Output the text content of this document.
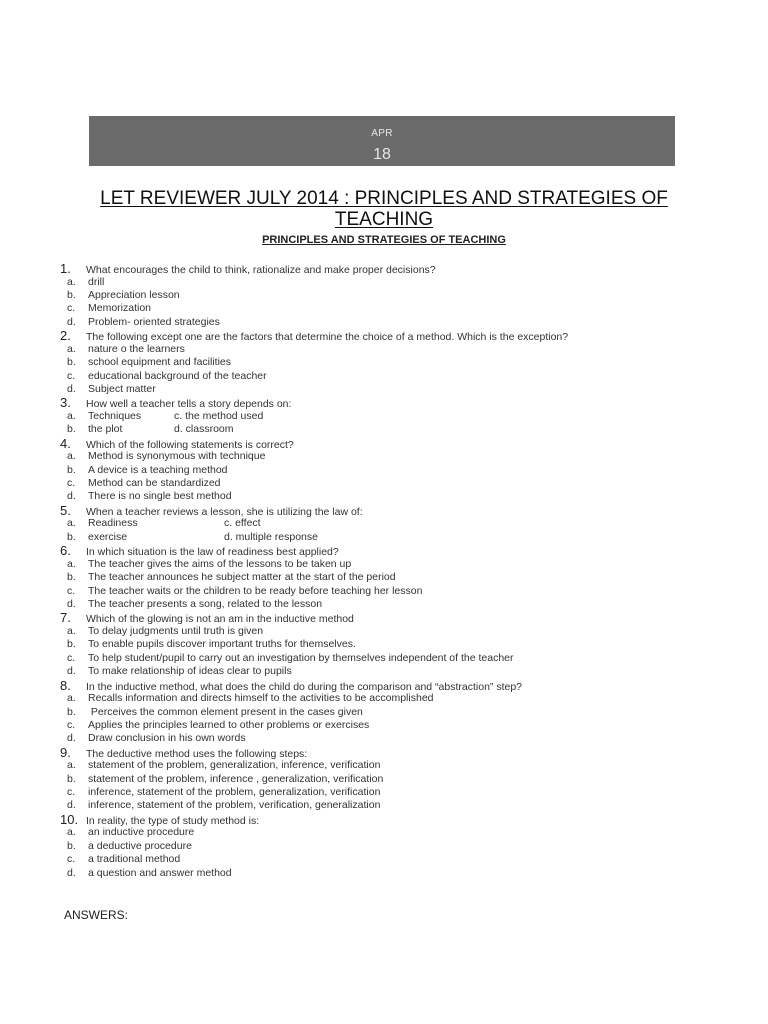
APR
18
LET REVIEWER JULY 2014 : PRINCIPLES AND STRATEGIES OF TEACHING
PRINCIPLES AND STRATEGIES OF TEACHING
1. What encourages the child to think, rationalize and make proper decisions?
a. drill
b. Appreciation lesson
c. Memorization
d. Problem- oriented strategies
2. The following except one are the factors that determine the choice of a method. Which is the exception?
a. nature o the learners
b. school equipment and facilities
c. educational background of the teacher
d. Subject matter
3. How well a teacher tells a story depends on:
a. Techniques	c. the method used
b. the plot	d. classroom
4. Which of the following statements is correct?
a. Method is synonymous with technique
b. A device is a teaching method
c. Method can be standardized
d. There is no single best method
5. When a teacher reviews a lesson, she is utilizing the law of:
a. Readiness	c. effect
b. exercise	d. multiple response
6. In which situation is the law of readiness best applied?
a. The teacher gives the aims of the lessons to be taken up
b. The teacher announces he subject matter at the start of the period
c. The teacher waits or the children to be ready before teaching her lesson
d. The teacher presents a song, related to the lesson
7. Which of the glowing is not an am in the inductive method
a. To delay judgments until truth is given
b. To enable pupils discover important truths for themselves.
c. To help student/pupil to carry out an investigation by themselves independent of the teacher
d. To make relationship of ideas clear to pupils
8. In the inductive method, what does the child do during the comparison and “abstraction” step?
a. Recalls information and directs himself to the activities to be accomplished
b. Perceives the common element present in the cases given
c. Applies the principles learned to other problems or exercises
d. Draw conclusion in his own words
9. The deductive method uses the following steps:
a. statement of the problem, generalization, inference, verification
b. statement of the problem, inference , generalization, verification
c. inference, statement of the problem, generalization, verification
d. inference, statement of the problem, verification, generalization
10. In reality, the type of study method is:
a. an inductive procedure
b. a deductive procedure
c. a traditional method
d. a question and answer method
ANSWERS:
